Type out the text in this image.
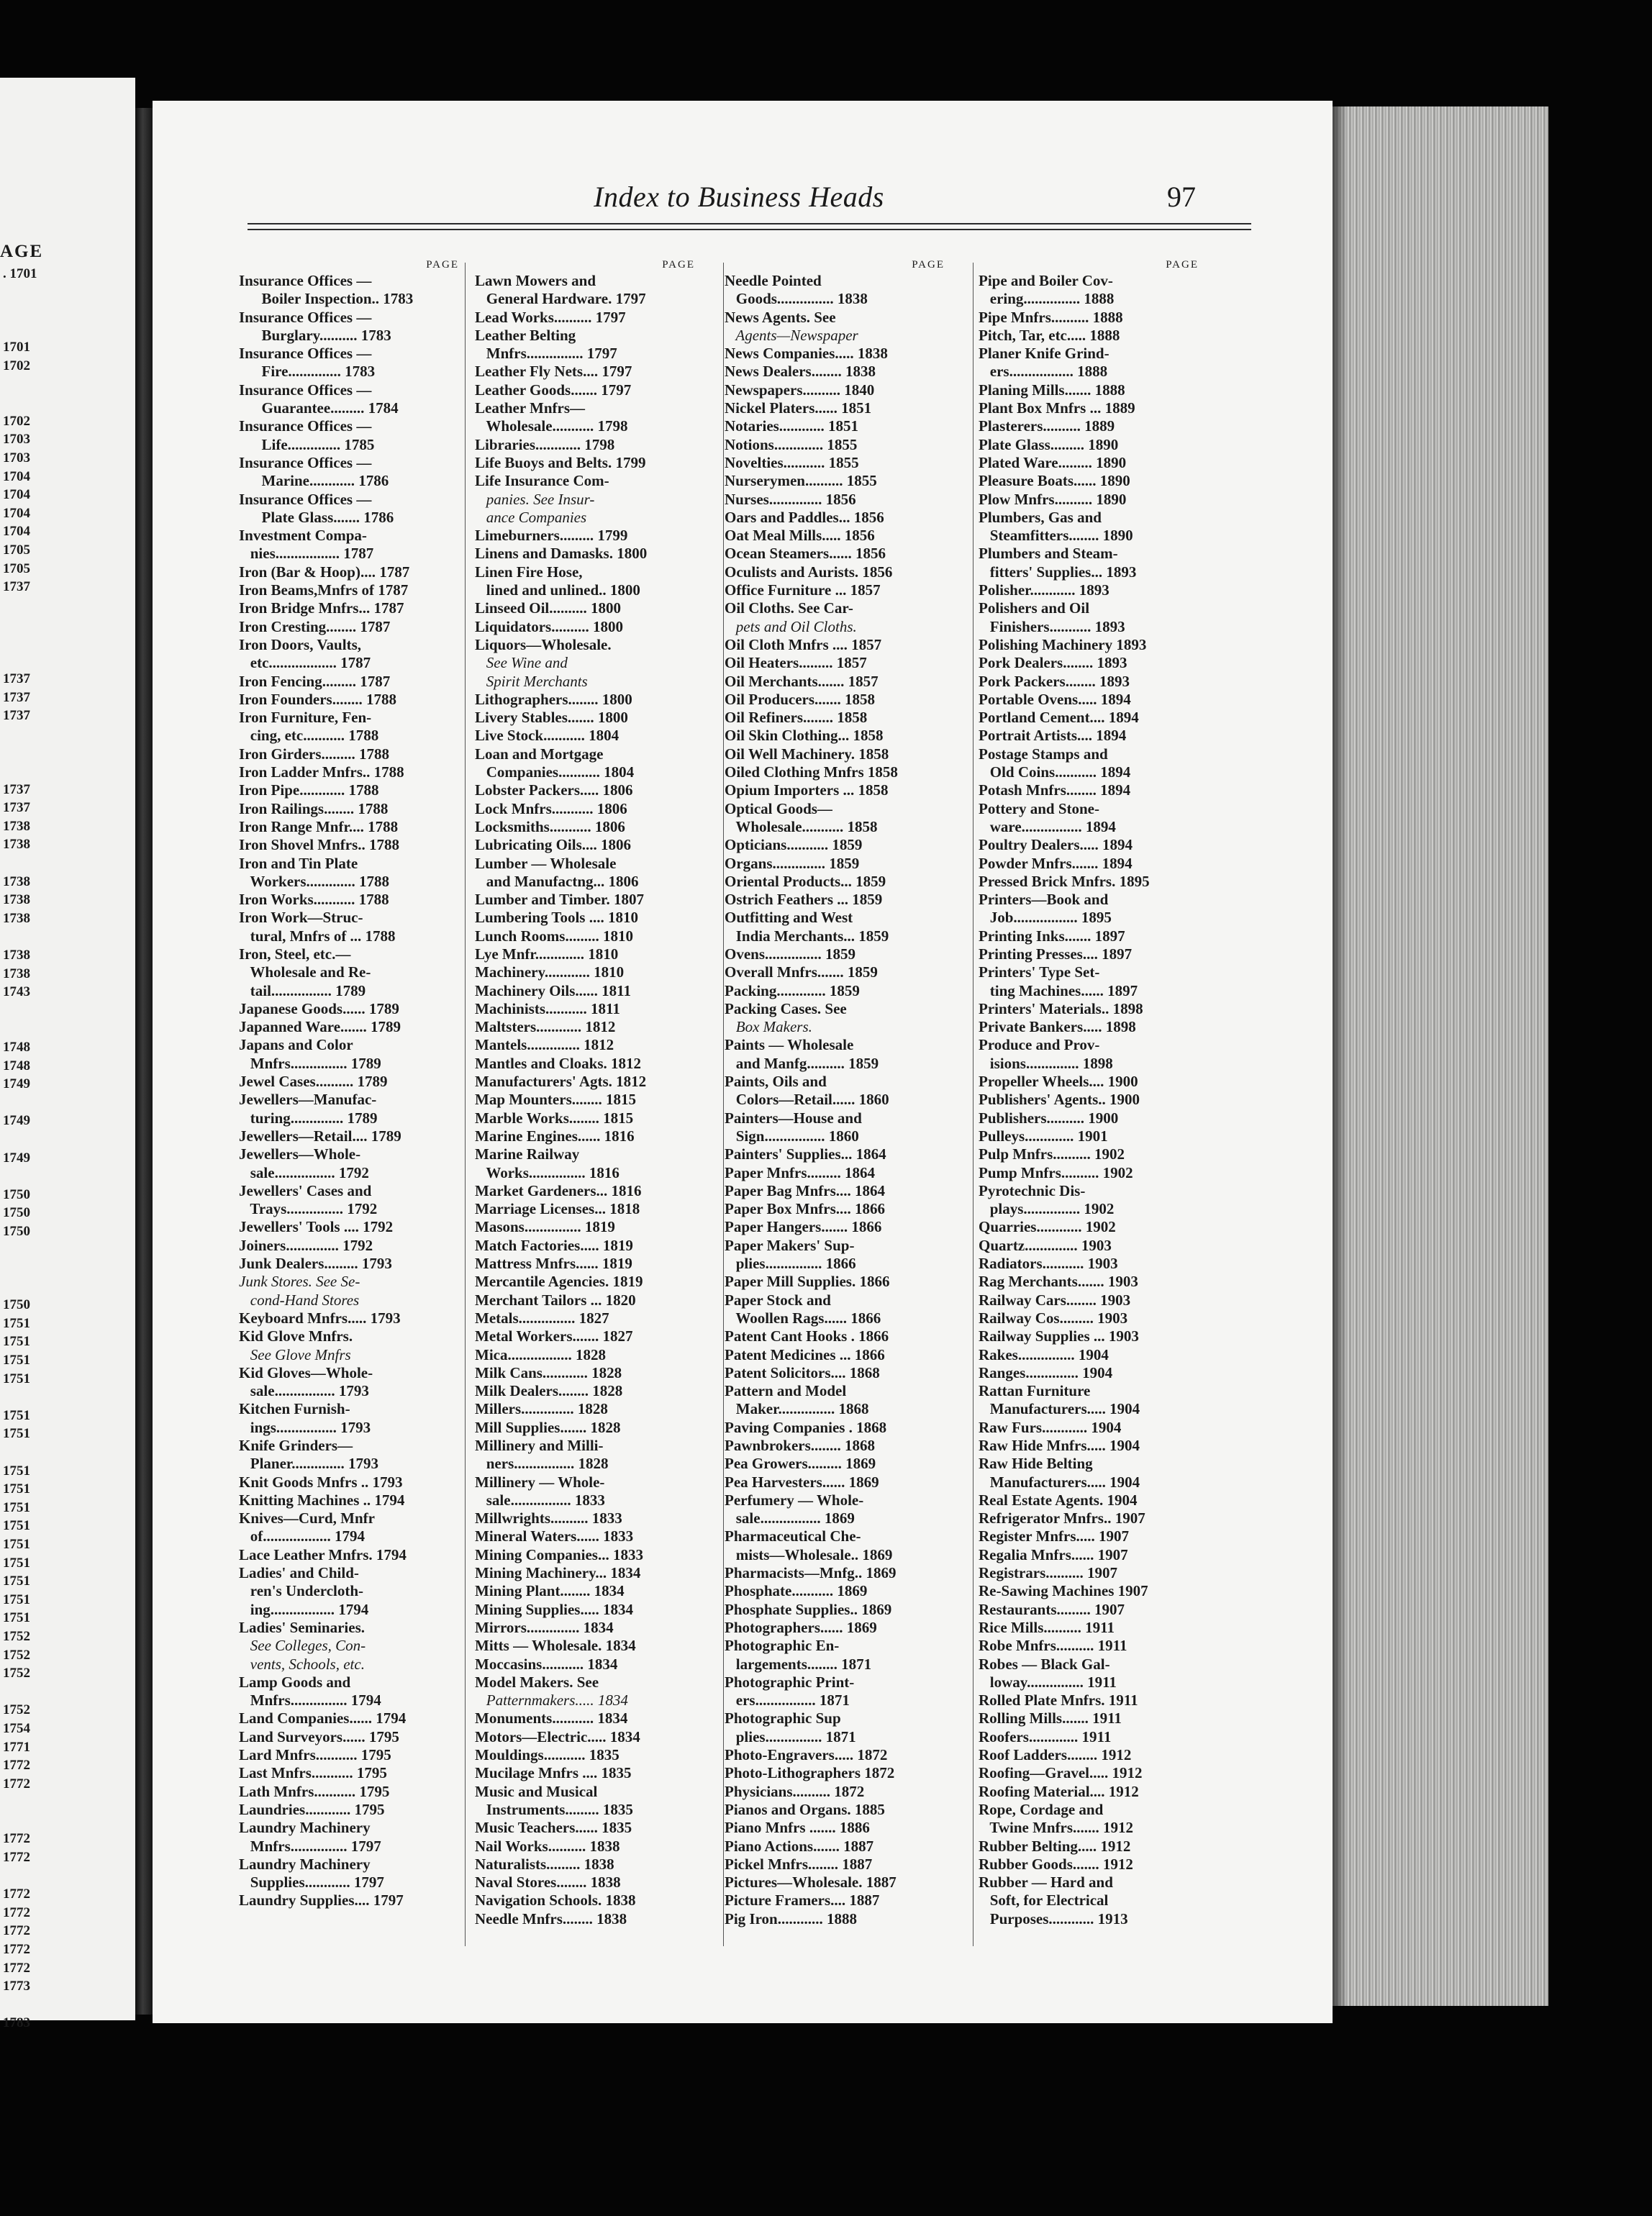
AGE
. 1701
1701
1702
1702
1703
1703
1704
1704
1704
1704
1705
1705
1737
1737
1737
1737
1737
1737
1738
1738
1738
1738
1738
1738
1738
1743
1748
1748
1749
1749
1749
1750
1750
1750
1750
1751
1751
1751
1751
1751
1751
1751
1751
1751
1751
1751
1751
1751
1751
1751
1752
1752
1752
1752
1754
1771
1772
1772
1772
1772
1772
1772
1772
1772
1772
1773
1783
Index to Business Heads	97
PAGE
Insurance Offices —
Boiler Inspection.. 1783
Insurance Offices —
Burglary.......... 1783
Insurance Offices —
Fire.............. 1783
Insurance Offices —
Guarantee......... 1784
Insurance Offices —
Life.............. 1785
Insurance Offices —
Marine............ 1786
Insurance Offices —
Plate Glass....... 1786
Investment Compa-
nies................. 1787
Iron (Bar & Hoop).... 1787
Iron Beams,Mnfrs of 1787
Iron Bridge Mnfrs... 1787
Iron Cresting........ 1787
Iron Doors, Vaults,
etc.................. 1787
Iron Fencing......... 1787
Iron Founders........ 1788
Iron Furniture, Fen-
cing, etc........... 1788
Iron Girders......... 1788
Iron Ladder Mnfrs.. 1788
Iron Pipe............ 1788
Iron Railings........ 1788
Iron Range Mnfr.... 1788
Iron Shovel Mnfrs.. 1788
Iron and Tin Plate
Workers............. 1788
Iron Works........... 1788
Iron Work—Struc-
tural, Mnfrs of ... 1788
Iron, Steel, etc.—
Wholesale and Re-
tail................ 1789
Japanese Goods...... 1789
Japanned Ware....... 1789
Japans and Color
Mnfrs............... 1789
Jewel Cases.......... 1789
Jewellers—Manufac-
turing.............. 1789
Jewellers—Retail.... 1789
Jewellers—Whole-
sale................ 1792
Jewellers' Cases and
Trays............... 1792
Jewellers' Tools .... 1792
Joiners.............. 1792
Junk Dealers......... 1793
Junk Stores. See Se-
cond-Hand Stores
Keyboard Mnfrs..... 1793
Kid Glove Mnfrs.
See Glove Mnfrs
Kid Gloves—Whole-
sale................ 1793
Kitchen Furnish-
ings................ 1793
Knife Grinders—
Planer.............. 1793
Knit Goods Mnfrs .. 1793
Knitting Machines .. 1794
Knives—Curd, Mnfr
of.................. 1794
Lace Leather Mnfrs. 1794
Ladies' and Child-
ren's Undercloth-
ing................. 1794
Ladies' Seminaries.
See Colleges, Con-
vents, Schools, etc.
Lamp Goods and
Mnfrs............... 1794
Land Companies...... 1794
Land Surveyors...... 1795
Lard Mnfrs........... 1795
Last Mnfrs........... 1795
Lath Mnfrs........... 1795
Laundries............ 1795
Laundry Machinery
Mnfrs............... 1797
Laundry Machinery
Supplies............ 1797
Laundry Supplies.... 1797
PAGE
Lawn Mowers and
General Hardware. 1797
Lead Works.......... 1797
Leather Belting
Mnfrs............... 1797
Leather Fly Nets.... 1797
Leather Goods....... 1797
Leather Mnfrs—
Wholesale........... 1798
Libraries............ 1798
Life Buoys and Belts. 1799
Life Insurance Com-
panies. See Insur-
ance Companies
Limeburners......... 1799
Linens and Damasks. 1800
Linen Fire Hose,
lined and unlined.. 1800
Linseed Oil.......... 1800
Liquidators.......... 1800
Liquors—Wholesale.
See Wine and
Spirit Merchants
Lithographers........ 1800
Livery Stables....... 1800
Live Stock........... 1804
Loan and Mortgage
Companies........... 1804
Lobster Packers..... 1806
Lock Mnfrs........... 1806
Locksmiths........... 1806
Lubricating Oils.... 1806
Lumber — Wholesale
and Manufactng... 1806
Lumber and Timber. 1807
Lumbering Tools .... 1810
Lunch Rooms......... 1810
Lye Mnfr............. 1810
Machinery............ 1810
Machinery Oils...... 1811
Machinists........... 1811
Maltsters............ 1812
Mantels.............. 1812
Mantles and Cloaks. 1812
Manufacturers' Agts. 1812
Map Mounters........ 1815
Marble Works........ 1815
Marine Engines...... 1816
Marine Railway
Works............... 1816
Market Gardeners... 1816
Marriage Licenses... 1818
Masons............... 1819
Match Factories..... 1819
Mattress Mnfrs...... 1819
Mercantile Agencies. 1819
Merchant Tailors ... 1820
Metals............... 1827
Metal Workers....... 1827
Mica................. 1828
Milk Cans............ 1828
Milk Dealers........ 1828
Millers.............. 1828
Mill Supplies....... 1828
Millinery and Milli-
ners................ 1828
Millinery — Whole-
sale................ 1833
Millwrights.......... 1833
Mineral Waters...... 1833
Mining Companies... 1833
Mining Machinery... 1834
Mining Plant........ 1834
Mining Supplies..... 1834
Mirrors.............. 1834
Mitts — Wholesale. 1834
Moccasins........... 1834
Model Makers. See
Patternmakers..... 1834
Monuments........... 1834
Motors—Electric..... 1834
Mouldings........... 1835
Mucilage Mnfrs .... 1835
Music and Musical
Instruments......... 1835
Music Teachers...... 1835
Nail Works.......... 1838
Naturalists......... 1838
Naval Stores........ 1838
Navigation Schools. 1838
Needle Mnfrs........ 1838
PAGE
Needle Pointed
Goods............... 1838
News Agents. See
Agents—Newspaper
News Companies..... 1838
News Dealers........ 1838
Newspapers.......... 1840
Nickel Platers...... 1851
Notaries............ 1851
Notions............. 1855
Novelties........... 1855
Nurserymen.......... 1855
Nurses.............. 1856
Oars and Paddles... 1856
Oat Meal Mills..... 1856
Ocean Steamers...... 1856
Oculists and Aurists. 1856
Office Furniture ... 1857
Oil Cloths. See Car-
pets and Oil Cloths.
Oil Cloth Mnfrs .... 1857
Oil Heaters......... 1857
Oil Merchants....... 1857
Oil Producers....... 1858
Oil Refiners........ 1858
Oil Skin Clothing... 1858
Oil Well Machinery. 1858
Oiled Clothing Mnfrs 1858
Opium Importers ... 1858
Optical Goods—
Wholesale........... 1858
Opticians........... 1859
Organs.............. 1859
Oriental Products... 1859
Ostrich Feathers ... 1859
Outfitting and West
India Merchants... 1859
Ovens............... 1859
Overall Mnfrs....... 1859
Packing............. 1859
Packing Cases. See
Box Makers.
Paints — Wholesale
and Manfg.......... 1859
Paints, Oils and
Colors—Retail...... 1860
Painters—House and
Sign................ 1860
Painters' Supplies... 1864
Paper Mnfrs......... 1864
Paper Bag Mnfrs.... 1864
Paper Box Mnfrs.... 1866
Paper Hangers....... 1866
Paper Makers' Sup-
plies............... 1866
Paper Mill Supplies. 1866
Paper Stock and
Woollen Rags...... 1866
Patent Cant Hooks . 1866
Patent Medicines ... 1866
Patent Solicitors.... 1868
Pattern and Model
Maker............... 1868
Paving Companies . 1868
Pawnbrokers........ 1868
Pea Growers......... 1869
Pea Harvesters...... 1869
Perfumery — Whole-
sale................ 1869
Pharmaceutical Che-
mists—Wholesale.. 1869
Pharmacists—Mnfg.. 1869
Phosphate........... 1869
Phosphate Supplies.. 1869
Photographers...... 1869
Photographic En-
largements........ 1871
Photographic Print-
ers................ 1871
Photographic Sup
plies............... 1871
Photo-Engravers..... 1872
Photo-Lithographers 1872
Physicians.......... 1872
Pianos and Organs. 1885
Piano Mnfrs ....... 1886
Piano Actions....... 1887
Pickel Mnfrs........ 1887
Pictures—Wholesale. 1887
Picture Framers.... 1887
Pig Iron............ 1888
PAGE
Pipe and Boiler Cov-
ering............... 1888
Pipe Mnfrs.......... 1888
Pitch, Tar, etc..... 1888
Planer Knife Grind-
ers................. 1888
Planing Mills....... 1888
Plant Box Mnfrs ... 1889
Plasterers.......... 1889
Plate Glass......... 1890
Plated Ware......... 1890
Pleasure Boats...... 1890
Plow Mnfrs.......... 1890
Plumbers, Gas and
Steamfitters........ 1890
Plumbers and Steam-
fitters' Supplies... 1893
Polisher............ 1893
Polishers and Oil
Finishers........... 1893
Polishing Machinery 1893
Pork Dealers........ 1893
Pork Packers........ 1893
Portable Ovens..... 1894
Portland Cement.... 1894
Portrait Artists.... 1894
Postage Stamps and
Old Coins........... 1894
Potash Mnfrs........ 1894
Pottery and Stone-
ware................ 1894
Poultry Dealers..... 1894
Powder Mnfrs....... 1894
Pressed Brick Mnfrs. 1895
Printers—Book and
Job................. 1895
Printing Inks....... 1897
Printing Presses.... 1897
Printers' Type Set-
ting Machines...... 1897
Printers' Materials.. 1898
Private Bankers..... 1898
Produce and Prov-
isions.............. 1898
Propeller Wheels.... 1900
Publishers' Agents.. 1900
Publishers.......... 1900
Pulleys............. 1901
Pulp Mnfrs.......... 1902
Pump Mnfrs.......... 1902
Pyrotechnic Dis-
plays............... 1902
Quarries............ 1902
Quartz.............. 1903
Radiators........... 1903
Rag Merchants....... 1903
Railway Cars........ 1903
Railway Cos......... 1903
Railway Supplies ... 1903
Rakes............... 1904
Ranges.............. 1904
Rattan Furniture
Manufacturers..... 1904
Raw Furs............ 1904
Raw Hide Mnfrs..... 1904
Raw Hide Belting
Manufacturers..... 1904
Real Estate Agents. 1904
Refrigerator Mnfrs.. 1907
Register Mnfrs..... 1907
Regalia Mnfrs...... 1907
Registrars.......... 1907
Re-Sawing Machines 1907
Restaurants......... 1907
Rice Mills.......... 1911
Robe Mnfrs.......... 1911
Robes — Black Gal-
loway............... 1911
Rolled Plate Mnfrs. 1911
Rolling Mills....... 1911
Roofers............. 1911
Roof Ladders........ 1912
Roofing—Gravel..... 1912
Roofing Material.... 1912
Rope, Cordage and
Twine Mnfrs....... 1912
Rubber Belting..... 1912
Rubber Goods....... 1912
Rubber — Hard and
Soft, for Electrical
Purposes............ 1913
